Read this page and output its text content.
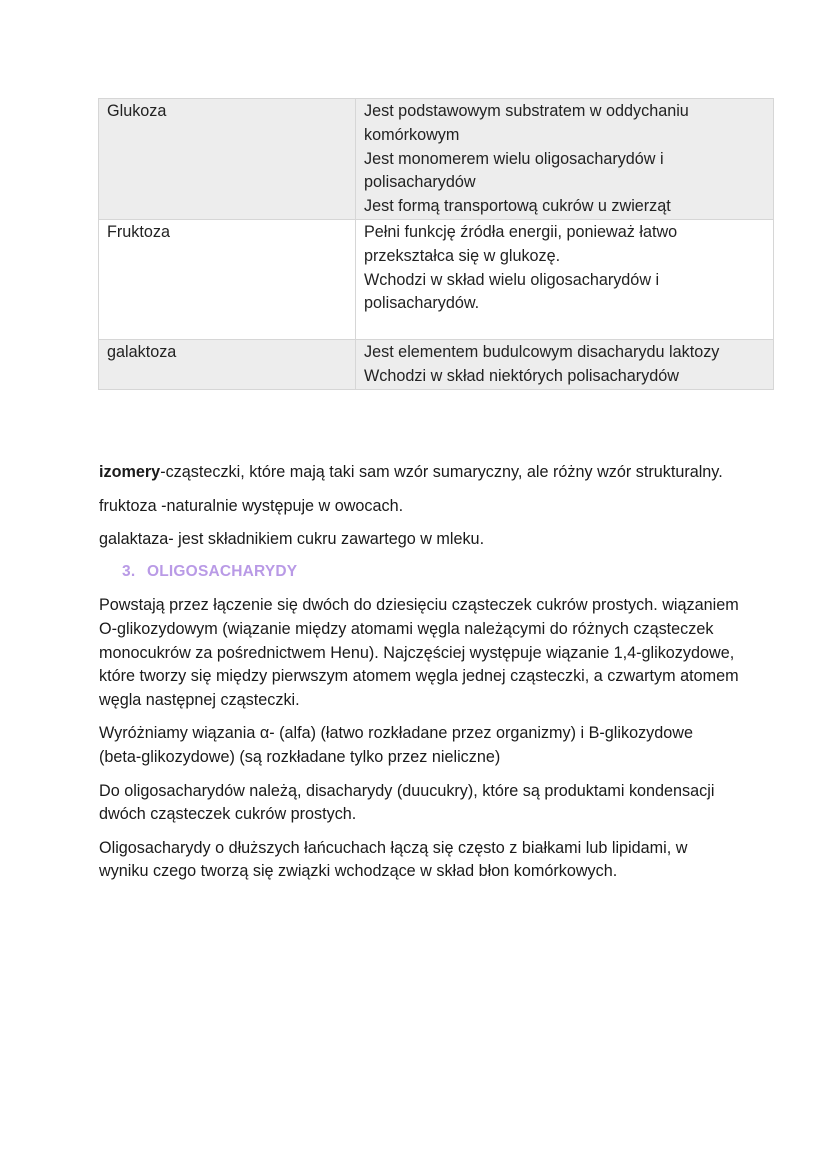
Glukoza	Jest podstawowym substratem w oddychaniu
komórkowym
Jest monomerem wielu oligosacharydów i
polisacharydów
Jest formą transportową cukrów u zwierząt

Fruktoza	Pełni funkcję źródła energii, ponieważ łatwo
przekształca się w glukozę.
Wchodzi w skład wielu oligosacharydów i
polisacharydów.

galaktoza	Jest elementem budulcowym disacharydu laktozy
Wchodzi w skład niektórych polisacharydów

izomery-cząsteczki, które mają taki sam wzór sumaryczny, ale różny wzór strukturalny.

fruktoza -naturalnie występuje w owocach.

galaktaza- jest składnikiem cukru zawartego w mleku.

3. OLIGOSACHARYDY

Powstają przez łączenie się dwóch do dziesięciu cząsteczek cukrów prostych. wiązaniem O-glikozydowym (wiązanie między atomami węgla należącymi do różnych cząsteczek monocukrów za pośrednictwem Henu). Najczęściej występuje wiązanie 1,4-glikozydowe, które tworzy się między pierwszym atomem węgla jednej cząsteczki, a czwartym atomem węgla następnej cząsteczki.

Wyróżniamy wiązania α- (alfa) (łatwo rozkładane przez organizmy) i B-glikozydowe (beta-glikozydowe) (są rozkładane tylko przez nieliczne)

Do oligosacharydów należą, disacharydy (duucukry), które są produktami kondensacji dwóch cząsteczek cukrów prostych.

Oligosacharydy o dłuższych łańcuchach łączą się często z białkami lub lipidami, w wyniku czego tworzą się związki wchodzące w skład błon komórkowych.
